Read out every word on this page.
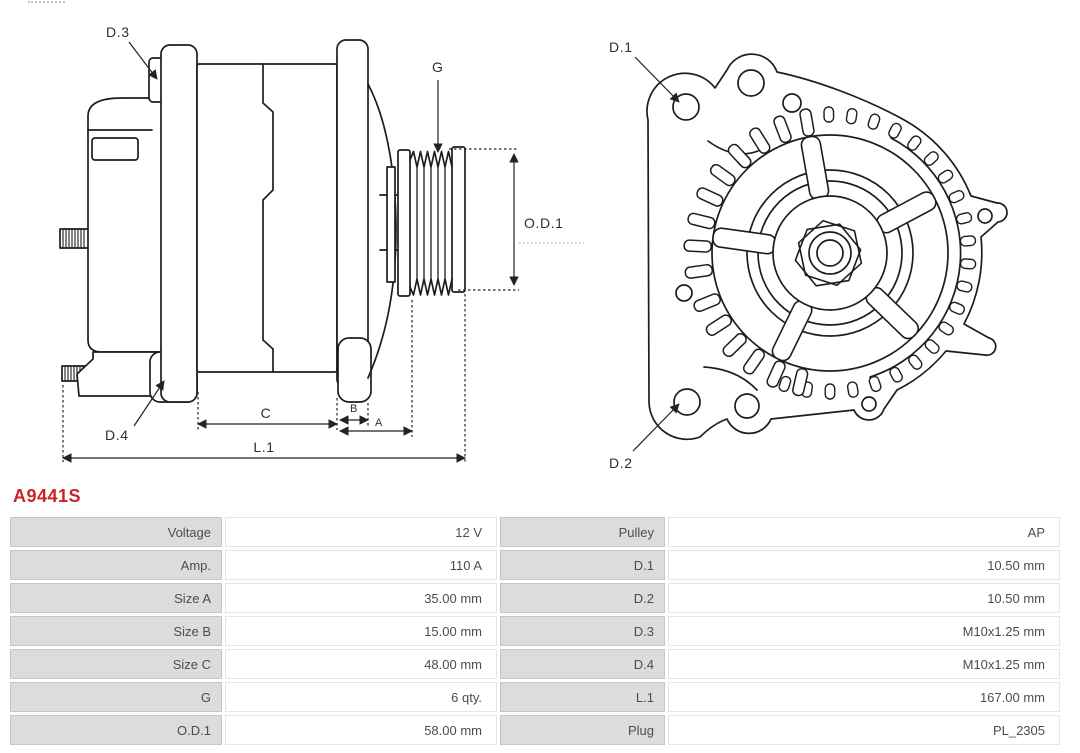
D.3
G
O.D.1
D.4
C	B
A
L.1
D.1
D.2
A9441S
Voltage	12 V	Pulley	AP
Amp.	110 A	D.1	10.50 mm
Size A	35.00 mm	D.2	10.50 mm
Size B	15.00 mm	D.3	M10x1.25 mm
Size C	48.00 mm	D.4	M10x1.25 mm
G	6 qty.	L.1	167.00 mm
O.D.1	58.00 mm	Plug	PL_2305
